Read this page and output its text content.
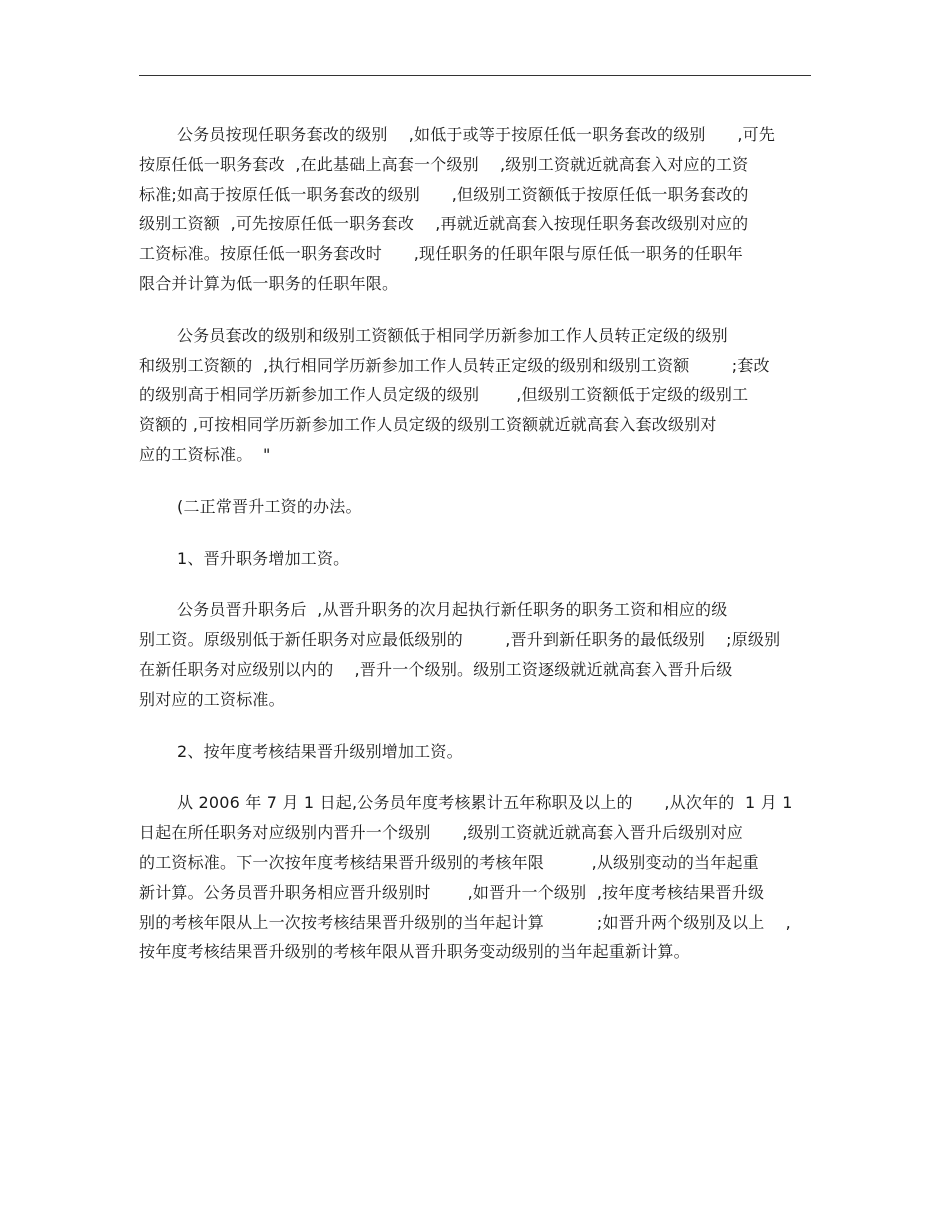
公务员按现任职务套改的级别    ,如低于或等于按原任低一职务套改的级别      ,可先
按原任低一职务套改  ,在此基础上高套一个级别    ,级别工资就近就高套入对应的工资
标准;如高于按原任低一职务套改的级别      ,但级别工资额低于按原任低一职务套改的
级别工资额  ,可先按原任低一职务套改    ,再就近就高套入按现任职务套改级别对应的
工资标准。按原任低一职务套改时      ,现任职务的任职年限与原任低一职务的任职年
限合并计算为低一职务的任职年限。

公务员套改的级别和级别工资额低于相同学历新参加工作人员转正定级的级别
和级别工资额的  ,执行相同学历新参加工作人员转正定级的级别和级别工资额        ;套改
的级别高于相同学历新参加工作人员定级的级别       ,但级别工资额低于定级的级别工
资额的 ,可按相同学历新参加工作人员定级的级别工资额就近就高套入套改级别对
应的工资标准。  "

(二正常晋升工资的办法。

1、晋升职务增加工资。

公务员晋升职务后  ,从晋升职务的次月起执行新任职务的职务工资和相应的级
别工资。原级别低于新任职务对应最低级别的        ,晋升到新任职务的最低级别    ;原级别
在新任职务对应级别以内的    ,晋升一个级别。级别工资逐级就近就高套入晋升后级
别对应的工资标准。

2、按年度考核结果晋升级别增加工资。

从 2006 年 7 月 1 日起,公务员年度考核累计五年称职及以上的      ,从次年的  1 月 1
日起在所任职务对应级别内晋升一个级别      ,级别工资就近就高套入晋升后级别对应
的工资标准。下一次按年度考核结果晋升级别的考核年限         ,从级别变动的当年起重
新计算。公务员晋升职务相应晋升级别时       ,如晋升一个级别  ,按年度考核结果晋升级
别的考核年限从上一次按考核结果晋升级别的当年起计算          ;如晋升两个级别及以上    ,
按年度考核结果晋升级别的考核年限从晋升职务变动级别的当年起重新计算。
